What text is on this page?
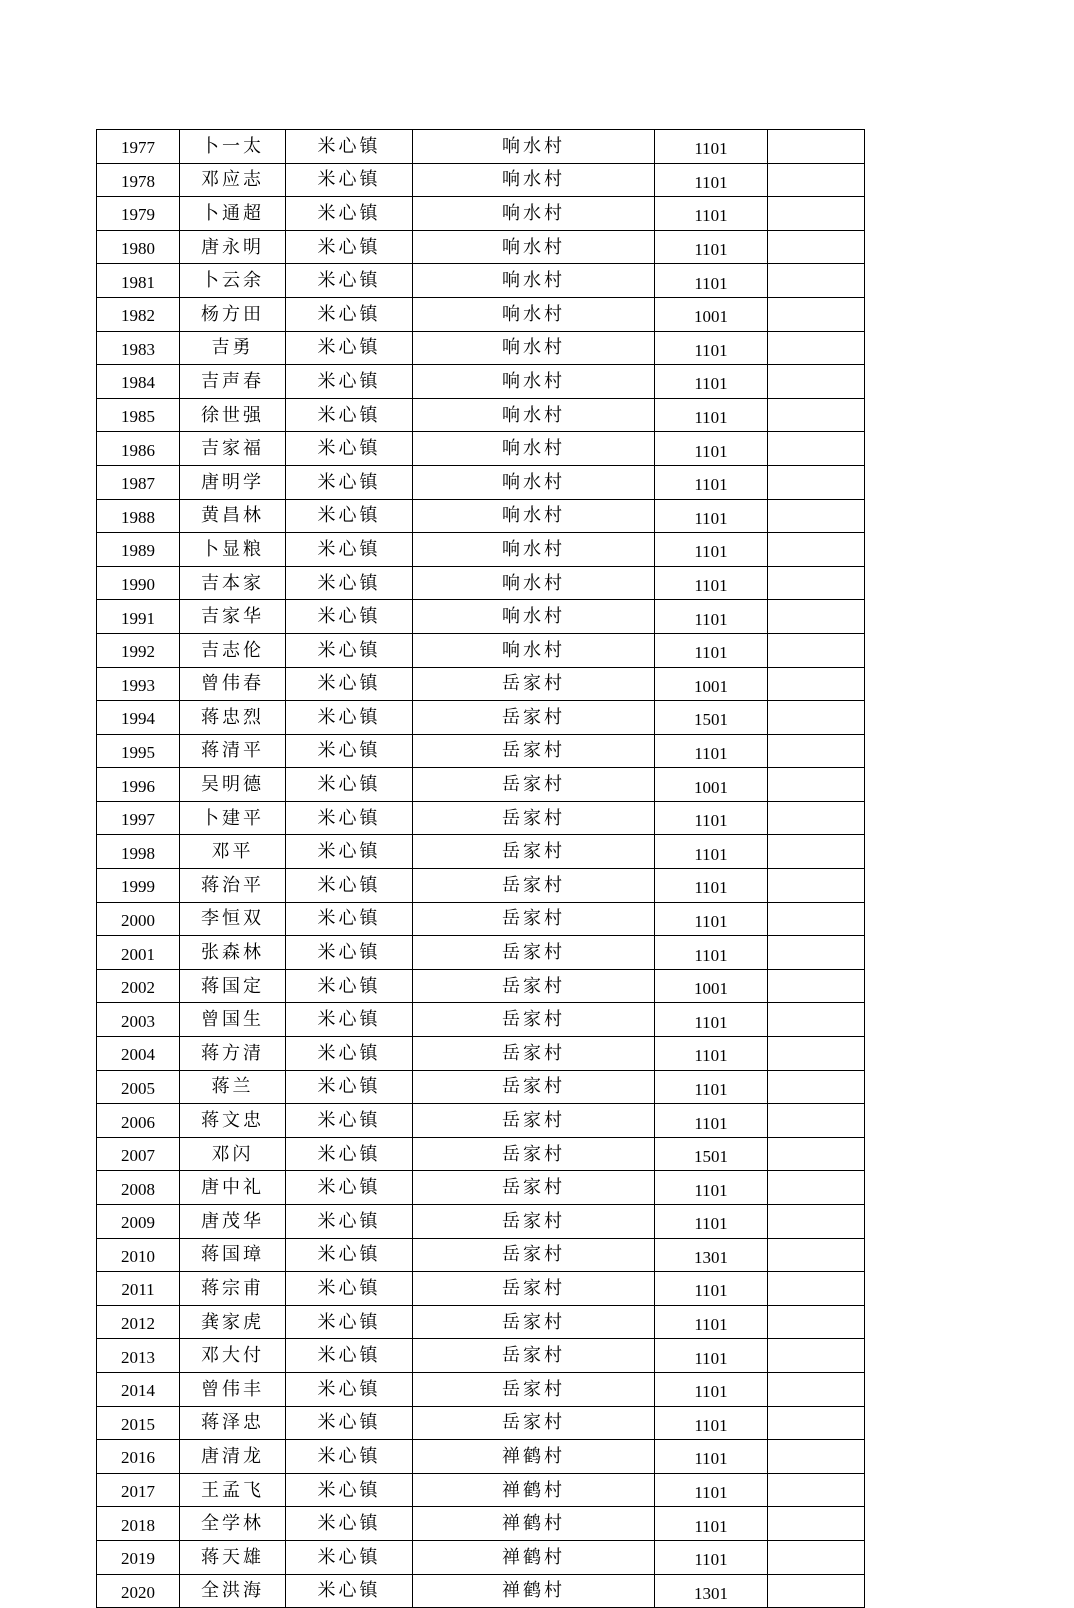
1977	卜一太	米心镇	响水村	1101	
1978	邓应志	米心镇	响水村	1101	
1979	卜通超	米心镇	响水村	1101	
1980	唐永明	米心镇	响水村	1101	
1981	卜云余	米心镇	响水村	1101	
1982	杨方田	米心镇	响水村	1001	
1983	吉勇	米心镇	响水村	1101	
1984	吉声春	米心镇	响水村	1101	
1985	徐世强	米心镇	响水村	1101	
1986	吉家福	米心镇	响水村	1101	
1987	唐明学	米心镇	响水村	1101	
1988	黄昌林	米心镇	响水村	1101	
1989	卜显粮	米心镇	响水村	1101	
1990	吉本家	米心镇	响水村	1101	
1991	吉家华	米心镇	响水村	1101	
1992	吉志伦	米心镇	响水村	1101	
1993	曾伟春	米心镇	岳家村	1001	
1994	蒋忠烈	米心镇	岳家村	1501	
1995	蒋清平	米心镇	岳家村	1101	
1996	吴明德	米心镇	岳家村	1001	
1997	卜建平	米心镇	岳家村	1101	
1998	邓平	米心镇	岳家村	1101	
1999	蒋治平	米心镇	岳家村	1101	
2000	李恒双	米心镇	岳家村	1101	
2001	张森林	米心镇	岳家村	1101	
2002	蒋国定	米心镇	岳家村	1001	
2003	曾国生	米心镇	岳家村	1101	
2004	蒋方清	米心镇	岳家村	1101	
2005	蒋兰	米心镇	岳家村	1101	
2006	蒋文忠	米心镇	岳家村	1101	
2007	邓闪	米心镇	岳家村	1501	
2008	唐中礼	米心镇	岳家村	1101	
2009	唐茂华	米心镇	岳家村	1101	
2010	蒋国璋	米心镇	岳家村	1301	
2011	蒋宗甫	米心镇	岳家村	1101	
2012	龚家虎	米心镇	岳家村	1101	
2013	邓大付	米心镇	岳家村	1101	
2014	曾伟丰	米心镇	岳家村	1101	
2015	蒋泽忠	米心镇	岳家村	1101	
2016	唐清龙	米心镇	禅鹤村	1101	
2017	王孟飞	米心镇	禅鹤村	1101	
2018	全学林	米心镇	禅鹤村	1101	
2019	蒋天雄	米心镇	禅鹤村	1101	
2020	全洪海	米心镇	禅鹤村	1301	
